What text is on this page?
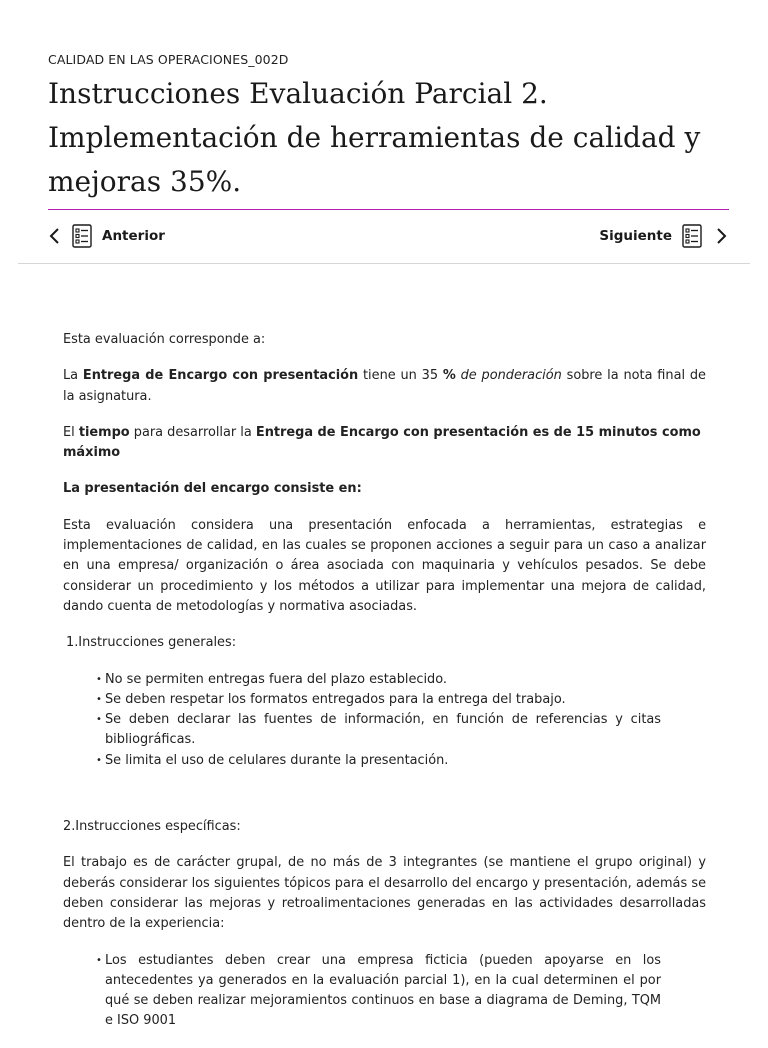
CALIDAD EN LAS OPERACIONES_002D
Instrucciones Evaluación Parcial 2. Implementación de herramientas de calidad y mejoras 35%.
Anterior	Siguiente

Esta evaluación corresponde a:

La Entrega de Encargo con presentación tiene un 35 % de ponderación sobre la nota final de la asignatura.

El tiempo para desarrollar la Entrega de Encargo con presentación es de 15 minutos como máximo

La presentación del encargo consiste en:

Esta evaluación considera una presentación enfocada a herramientas, estrategias e implementaciones de calidad, en las cuales se proponen acciones a seguir para un caso a analizar en una empresa/ organización o área asociada con maquinaria y vehículos pesados. Se debe considerar un procedimiento y los métodos a utilizar para implementar una mejora de calidad, dando cuenta de metodologías y normativa asociadas.

1.Instrucciones generales:

• No se permiten entregas fuera del plazo establecido.
• Se deben respetar los formatos entregados para la entrega del trabajo.
• Se deben declarar las fuentes de información, en función de referencias y citas bibliográficas.
• Se limita el uso de celulares durante la presentación.

2.Instrucciones específicas:

El trabajo es de carácter grupal, de no más de 3 integrantes (se mantiene el grupo original) y deberás considerar los siguientes tópicos para el desarrollo del encargo y presentación, además se deben considerar las mejoras y retroalimentaciones generadas en las actividades desarrolladas dentro de la experiencia:

• Los estudiantes deben crear una empresa ficticia (pueden apoyarse en los antecedentes ya generados en la evaluación parcial 1), en la cual determinen el por qué se deben realizar mejoramientos continuos en base a diagrama de Deming, TQM e ISO 9001
